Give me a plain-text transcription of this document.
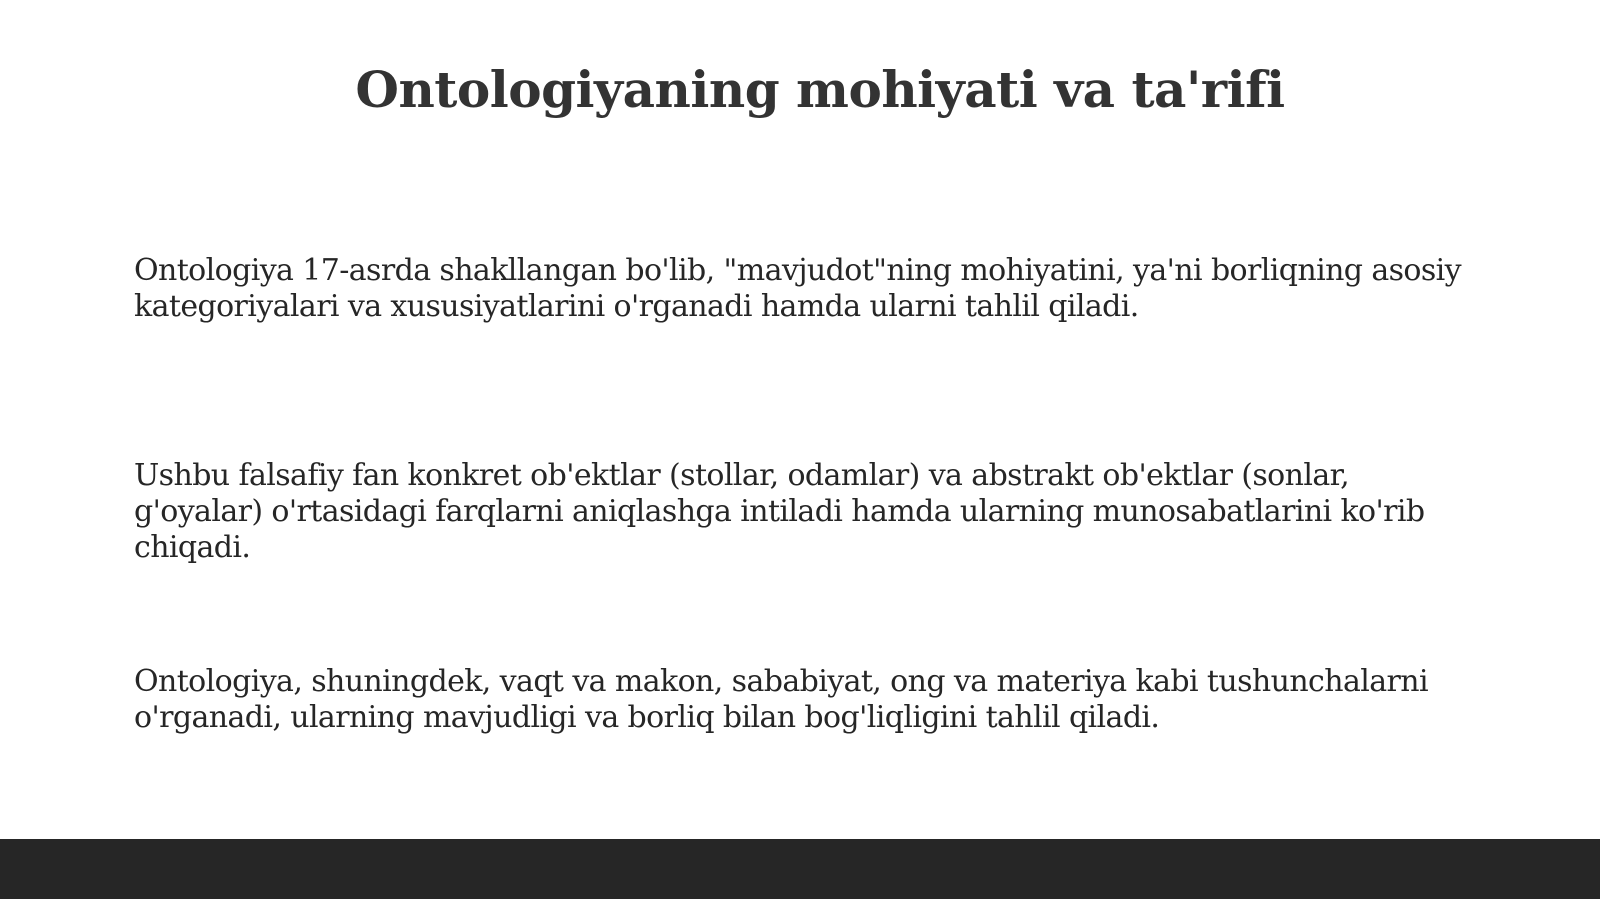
Ontologiyaning mohiyati va ta'rifi

Ontologiya 17-asrda shakllangan bo'lib, "mavjudot"ning mohiyatini, ya'ni borliqning asosiy kategoriyalari va xususiyatlarini o'rganadi hamda ularni tahlil qiladi.

Ushbu falsafiy fan konkret ob'ektlar (stollar, odamlar) va abstrakt ob'ektlar (sonlar, g'oyalar) o'rtasidagi farqlarni aniqlashga intiladi hamda ularning munosabatlarini ko'rib chiqadi.

Ontologiya, shuningdek, vaqt va makon, sababiyat, ong va materiya kabi tushunchalarni o'rganadi, ularning mavjudligi va borliq bilan bog'liqligini tahlil qiladi.
